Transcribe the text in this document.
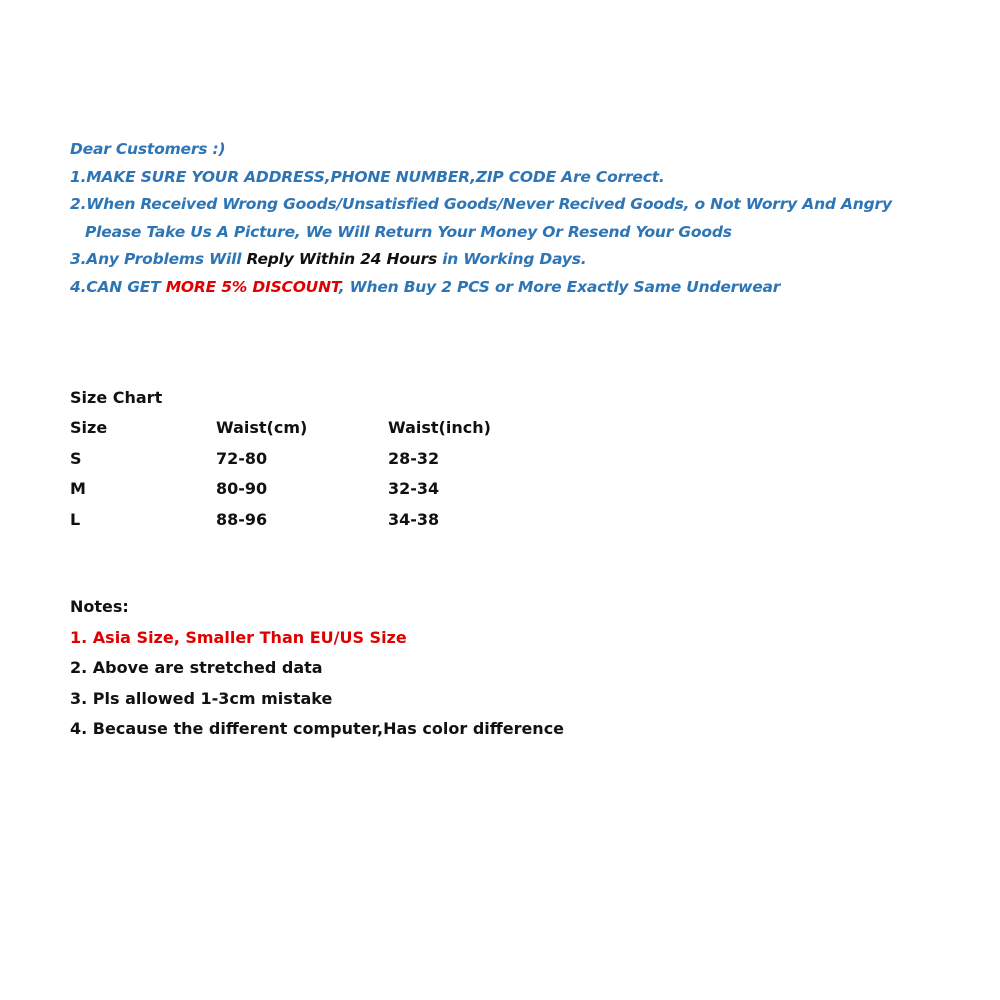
Dear Customers :)
1.MAKE SURE YOUR ADDRESS,PHONE NUMBER,ZIP CODE Are Correct.
2.When Received Wrong Goods/Unsatisfied Goods/Never Recived Goods, o Not Worry And Angry
Please Take Us A Picture, We Will Return Your Money Or Resend Your Goods
3.Any Problems Will Reply Within 24 Hours in Working Days.
4.CAN GET MORE 5% DISCOUNT, When Buy 2 PCS or More Exactly Same Underwear
Size Chart
Size	Waist(cm)	Waist(inch)
S	72-80	28-32
M	80-90	32-34
L	88-96	34-38
Notes:
1. Asia Size, Smaller Than EU/US Size
2. Above are stretched data
3. Pls allowed 1-3cm mistake
4. Because the different computer,Has color difference
